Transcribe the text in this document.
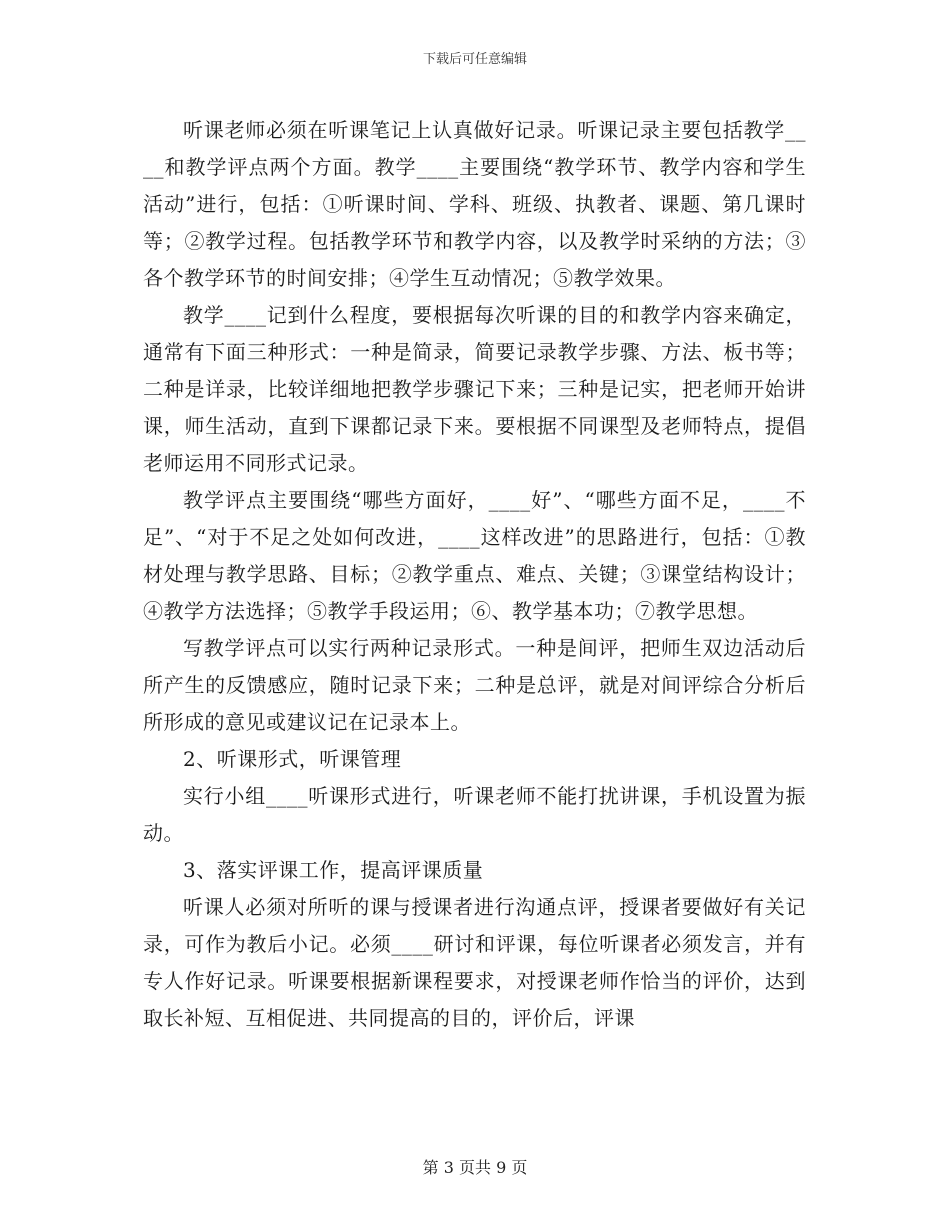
下载后可任意编辑

听课老师必须在听课笔记上认真做好记录。听课记录主要包括教学____和教学评点两个方面。教学____主要围绕“教学环节、教学内容和学生活动”进行，包括：①听课时间、学科、班级、执教者、课题、第几课时等；②教学过程。包括教学环节和教学内容，以及教学时采纳的方法；③各个教学环节的时间安排；④学生互动情况；⑤教学效果。

教学____记到什么程度，要根据每次听课的目的和教学内容来确定，通常有下面三种形式：一种是简录，简要记录教学步骤、方法、板书等；二种是详录，比较详细地把教学步骤记下来；三种是记实，把老师开始讲课，师生活动，直到下课都记录下来。要根据不同课型及老师特点，提倡老师运用不同形式记录。

教学评点主要围绕“哪些方面好，____好”、“哪些方面不足，____不足”、“对于不足之处如何改进，____这样改进”的思路进行，包括：①教材处理与教学思路、目标；②教学重点、难点、关键；③课堂结构设计；④教学方法选择；⑤教学手段运用；⑥、教学基本功；⑦教学思想。

写教学评点可以实行两种记录形式。一种是间评，把师生双边活动后所产生的反馈感应，随时记录下来；二种是总评，就是对间评综合分析后所形成的意见或建议记在记录本上。

2、听课形式，听课管理

实行小组____听课形式进行，听课老师不能打扰讲课，手机设置为振动。

3、落实评课工作，提高评课质量

听课人必须对所听的课与授课者进行沟通点评，授课者要做好有关记录，可作为教后小记。必须____研讨和评课，每位听课者必须发言，并有专人作好记录。听课要根据新课程要求，对授课老师作恰当的评价，达到取长补短、互相促进、共同提高的目的，评价后，评课

第 3 页共 9 页
